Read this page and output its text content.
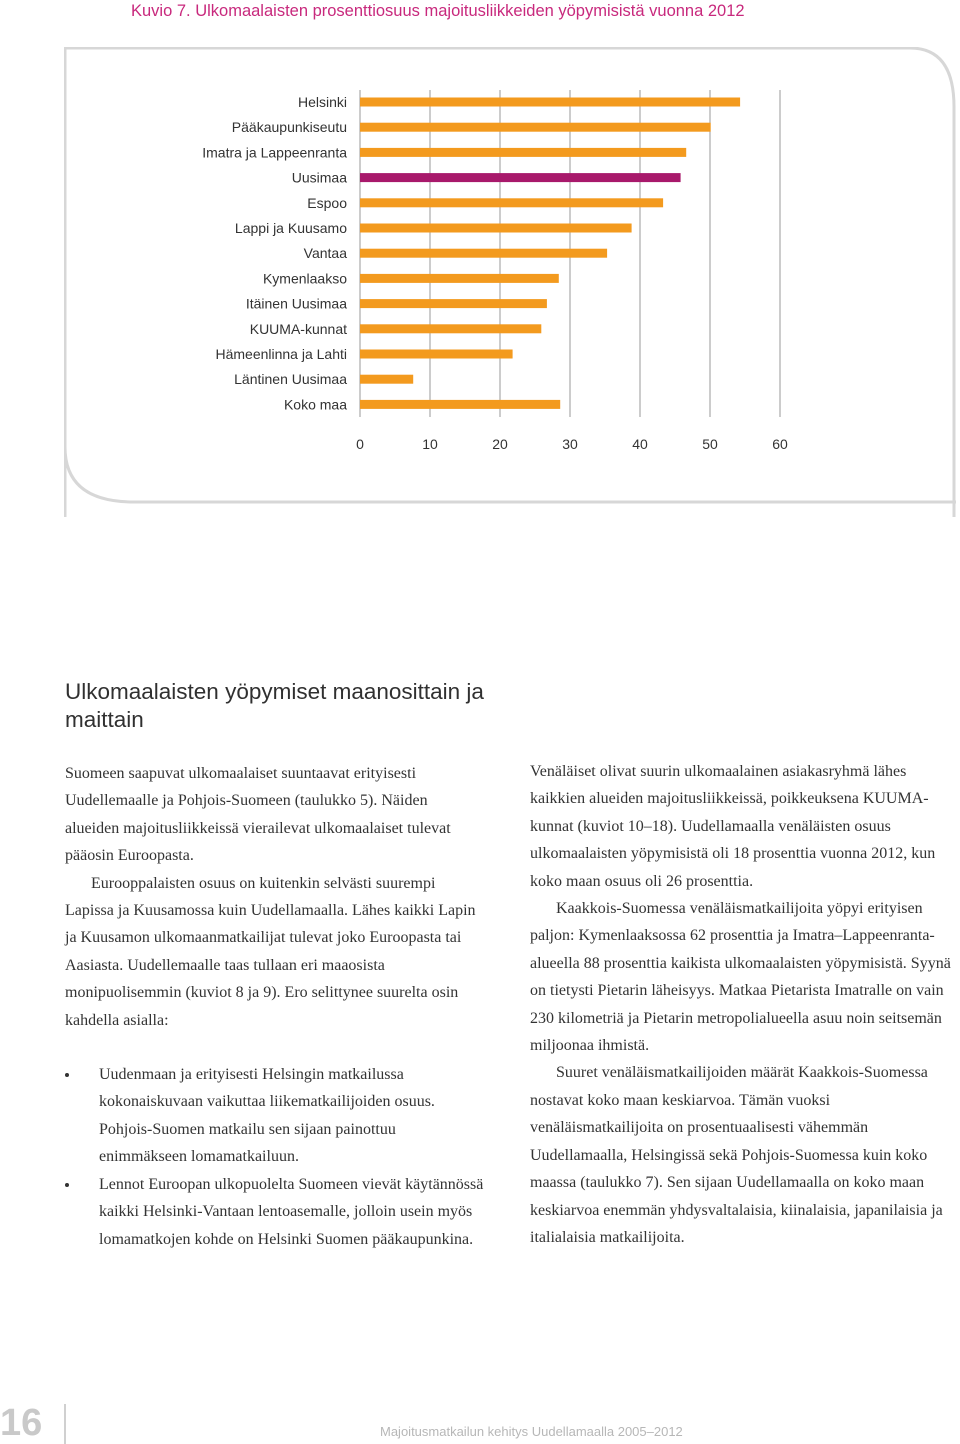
Kuvio 7. Ulkomaalaisten prosenttiosuus majoitusliikkeiden yöpymisistä vuonna 2012
Helsinki
Pääkaupunkiseutu
Imatra ja Lappeenranta
Uusimaa
Espoo
Lappi ja Kuusamo
Vantaa
Kymenlaakso
Itäinen Uusimaa
KUUMA-kunnat
Hämeenlinna ja Lahti
Läntinen Uusimaa
Koko maa
0	10	20	30	40	50	60
Ulkomaalaisten yöpymiset maanosittain ja maittain

Suomeen saapuvat ulkomaalaiset suuntaavat erityisesti Uudellemaalle ja Pohjois-Suomeen (taulukko 5). Näiden alueiden majoitusliikkeissä vierailevat ulkomaalaiset tulevat pääosin Euroopasta.

Eurooppalaisten osuus on kuitenkin selvästi suurempi Lapissa ja Kuusamossa kuin Uudellamaalla. Lähes kaikki Lapin ja Kuusamon ulkomaanmatkailijat tulevat joko Euroopasta tai Aasiasta. Uudellemaalle taas tullaan eri maaosista monipuolisemmin (kuviot 8 ja 9). Ero selittynee suurelta osin kahdella asialla:

Uudenmaan ja erityisesti Helsingin matkailussa kokonaiskuvaan vaikuttaa liikematkailijoiden osuus. Pohjois-Suomen matkailu sen sijaan painottuu enimmäkseen lomamatkailuun.
Lennot Euroopan ulkopuolelta Suomeen vievät käytännössä kaikki Helsinki-Vantaan lentoasemalle, jolloin usein myös lomamatkojen kohde on Helsinki Suomen pääkaupunkina.

Venäläiset olivat suurin ulkomaalainen asiakasryhmä lähes kaikkien alueiden majoitusliikkeissä, poikkeuksena KUUMA-kunnat (kuviot 10–18). Uudellamaalla venäläisten osuus ulkomaalaisten yöpymisistä oli 18 prosenttia vuonna 2012, kun koko maan osuus oli 26 prosenttia.

Kaakkois-Suomessa venäläismatkailijoita yöpyi erityisen paljon: Kymenlaaksossa 62 prosenttia ja Imatra–Lappeenranta-alueella 88 prosenttia kaikista ulkomaalaisten yöpymisistä. Syynä on tietysti Pietarin läheisyys. Matkaa Pietarista Imatralle on vain 230 kilometriä ja Pietarin metropolialueella asuu noin seitsemän miljoonaa ihmistä.

Suuret venäläismatkailijoiden määrät Kaakkois-Suomessa nostavat koko maan keskiarvoa. Tämän vuoksi venäläismatkailijoita on prosentuaalisesti vähemmän Uudellamaalla, Helsingissä sekä Pohjois-Suomessa kuin koko maassa (taulukko 7). Sen sijaan Uudellamaalla on koko maan keskiarvoa enemmän yhdysvaltalaisia, kiinalaisia, japanilaisia ja italialaisia matkailijoita.

16	Majoitusmatkailun kehitys Uudellamaalla 2005–2012
